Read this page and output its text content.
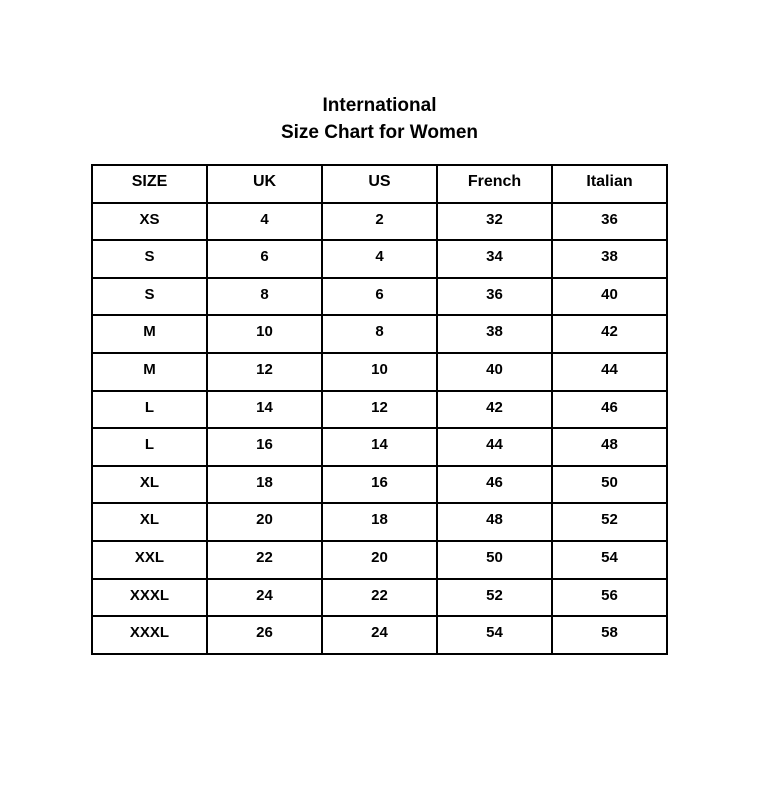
International
Size Chart for Women
SIZE	UK	US	French	Italian
XS	4	2	32	36
S	6	4	34	38
S	8	6	36	40
M	10	8	38	42
M	12	10	40	44
L	14	12	42	46
L	16	14	44	48
XL	18	16	46	50
XL	20	18	48	52
XXL	22	20	50	54
XXXL	24	22	52	56
XXXL	26	24	54	58
